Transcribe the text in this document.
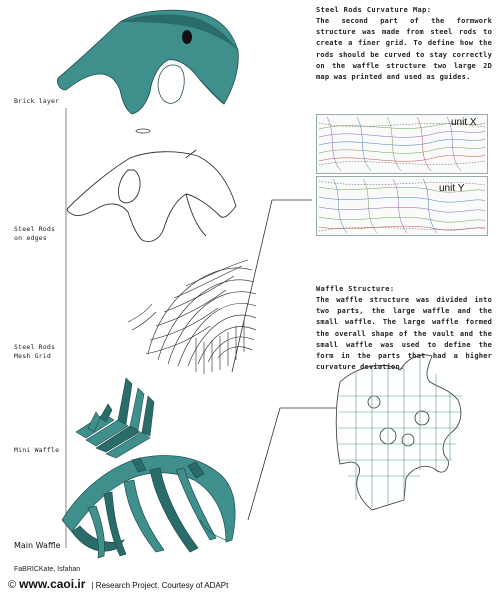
Brick layer
Steel Rods
on edges
Steel Rods
Mesh Grid
Mini Waffle
Main Waffle
Steel Rods Curvature Map:
The second part of the formwork structure was made from steel rods to create a finer grid. To define how the rods should be curved to stay correctly on the waffle structure two large 2D map was printed and used as guides.
unit X
unit Y
Waffle Structure:
The waffle structure was divided into two parts, the large waffle and the small waffle. The large waffle formed the overall shape of the vault and the small waffle was used to define the form in the parts that had a higher curvature deviation.
FaBRICKate, Isfahan
© www.caoi.ir | Research Project. Courtesy of ADAPt
